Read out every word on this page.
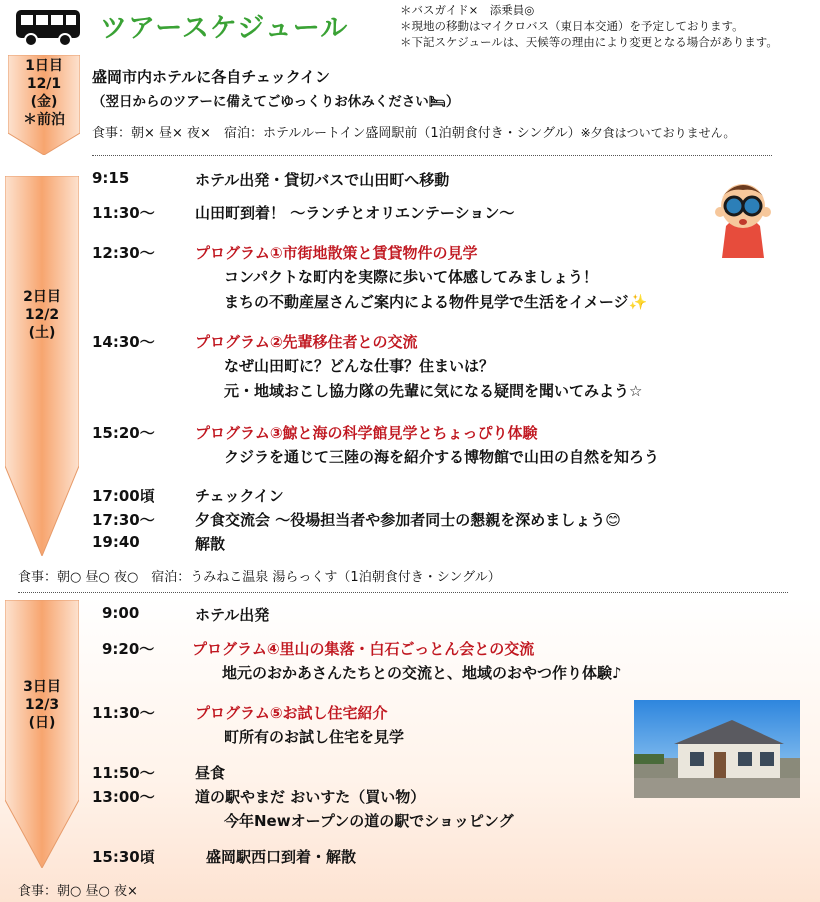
ツアースケジュール
＊バスガイド×　添乗員◎
＊現地の移動はマイクロバス（東日本交通）を予定しております。
＊下記スケジュールは、天候等の理由により変更となる場合があります。
1日目
12/1
(金)
＊前泊
盛岡市内ホテルに各自チェックイン
（翌日からのツアーに備えてごゆっくりお休みください🛏）
食事：朝× 昼× 夜×　宿泊：ホテルルートイン盛岡駅前（1泊朝食付き・シングル）※夕食はついておりません。
2日目
12/2
(土)
9:15	ホテル出発・貸切バスで山田町へ移動
11:30～	山田町到着！ ～ランチとオリエンテーション～
12:30～	プログラム①市街地散策と賃貸物件の見学
コンパクトな町内を実際に歩いて体感してみましょう！
まちの不動産屋さんご案内による物件見学で生活をイメージ✨
14:30～	プログラム②先輩移住者との交流
なぜ山田町に？どんな仕事？住まいは？
元・地域おこし協力隊の先輩に気になる疑問を聞いてみよう☆
15:20～	プログラム③鯨と海の科学館見学とちょっぴり体験
クジラを通じて三陸の海を紹介する博物館で山田の自然を知ろう
17:00頃	チェックイン
17:30～	夕食交流会 ～役場担当者や参加者同士の懇親を深めましょう😊
19:40	解散
食事：朝○ 昼○ 夜○　宿泊：うみねこ温泉 湯らっくす（1泊朝食付き・シングル）
3日目
12/3
(日)
9:00	ホテル出発
9:20～	プログラム④里山の集落・白石ごっとん会との交流
地元のおかあさんたちとの交流と、地域のおやつ作り体験♪
11:30～	プログラム⑤お試し住宅紹介
町所有のお試し住宅を見学
11:50～	昼食
13:00～	道の駅やまだ おいすた（買い物）
今年Newオープンの道の駅でショッピング
15:30頃	盛岡駅西口到着・解散
食事：朝○ 昼○ 夜×
